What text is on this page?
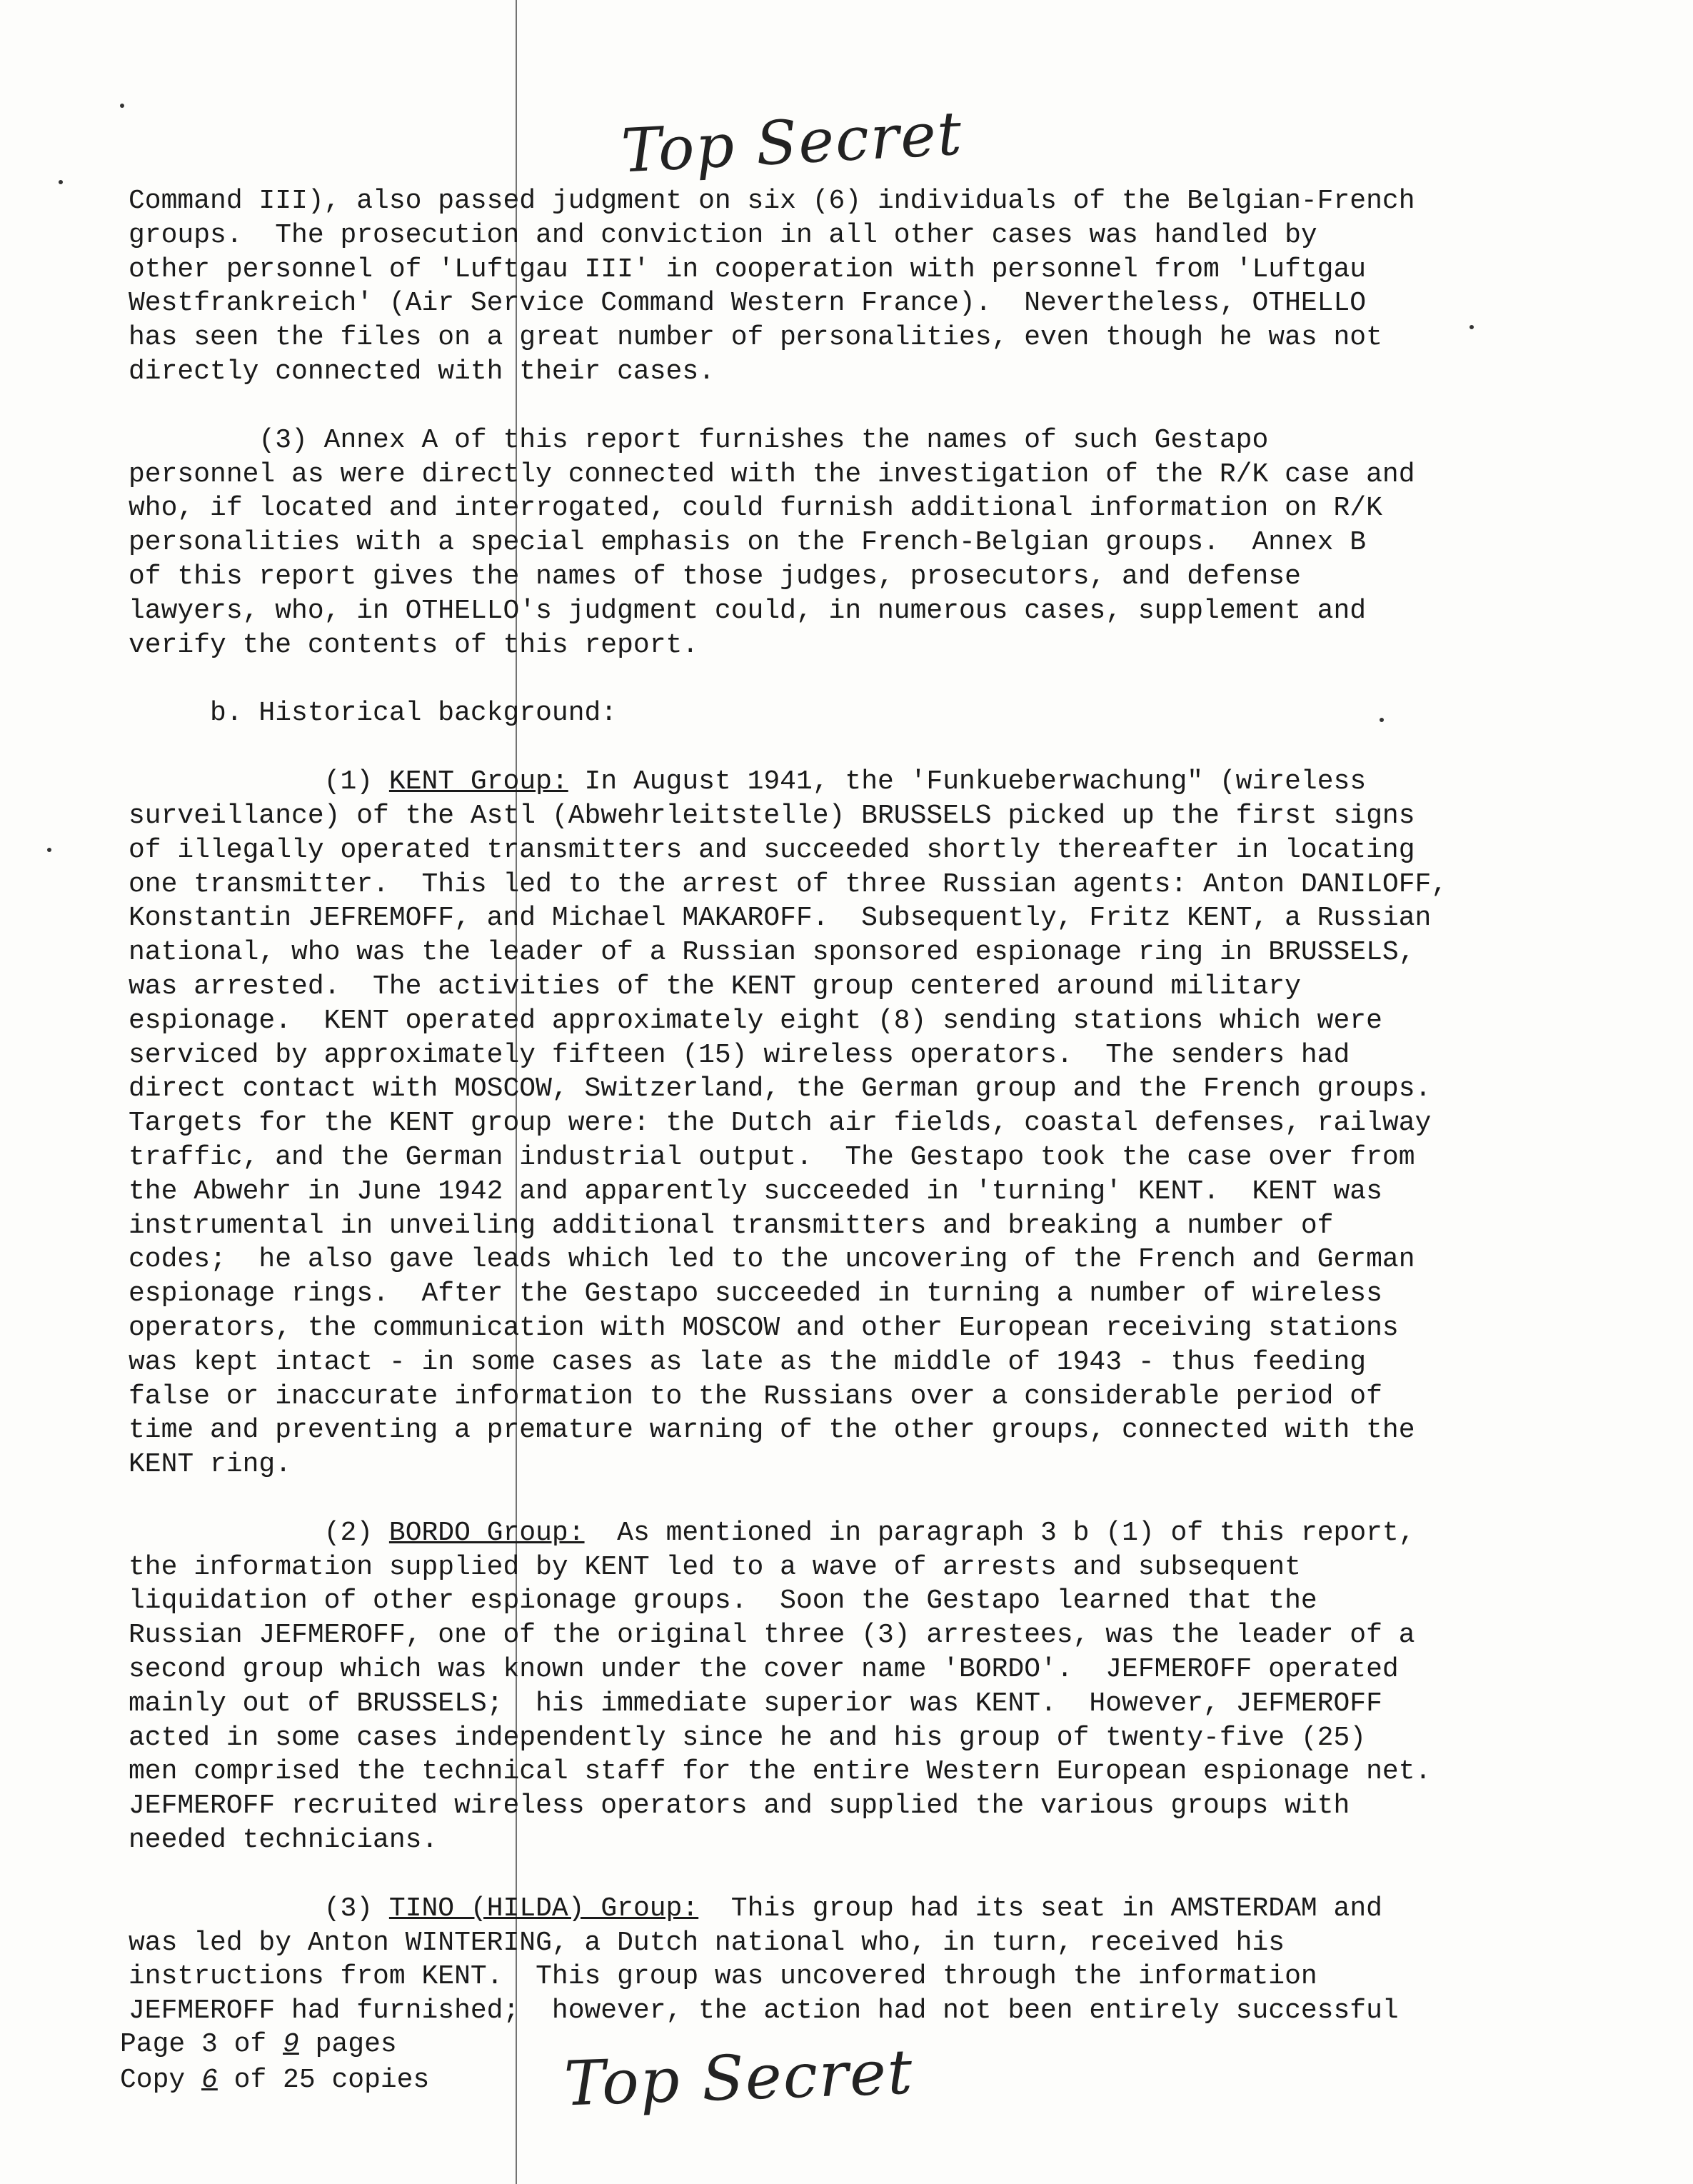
Top Secret
Command III), also passed judgment on six (6) individuals of the Belgian-French
groups.  The prosecution and conviction in all other cases was handled by
other personnel of 'Luftgau III' in cooperation with personnel from 'Luftgau
Westfrankreich' (Air Service Command Western France).  Nevertheless, OTHELLO
has seen the files on a great number of personalities, even though he was not
directly connected with their cases.
(3) Annex A of this report furnishes the names of such Gestapo
personnel as were directly connected with the investigation of the R/K case and
who, if located and interrogated, could furnish additional information on R/K
personalities with a special emphasis on the French-Belgian groups.  Annex B
of this report gives the names of those judges, prosecutors, and defense
lawyers, who, in OTHELLO's judgment could, in numerous cases, supplement and
verify the contents of this report.
b. Historical background:
(1) KENT Group: In August 1941, the 'Funkueberwachung" (wireless
surveillance) of the Astl (Abwehrleitstelle) BRUSSELS picked up the first signs
of illegally operated transmitters and succeeded shortly thereafter in locating
one transmitter.  This led to the arrest of three Russian agents: Anton DANILOFF,
Konstantin JEFREMOFF, and Michael MAKAROFF.  Subsequently, Fritz KENT, a Russian
national, who was the leader of a Russian sponsored espionage ring in BRUSSELS,
was arrested.  The activities of the KENT group centered around military
espionage.  KENT operated approximately eight (8) sending stations which were
serviced by approximately fifteen (15) wireless operators.  The senders had
direct contact with MOSCOW, Switzerland, the German group and the French groups.
Targets for the KENT group were: the Dutch air fields, coastal defenses, railway
traffic, and the German industrial output.  The Gestapo took the case over from
the Abwehr in June 1942 and apparently succeeded in 'turning' KENT.  KENT was
instrumental in unveiling additional transmitters and breaking a number of
codes;  he also gave leads which led to the uncovering of the French and German
espionage rings.  After the Gestapo succeeded in turning a number of wireless
operators, the communication with MOSCOW and other European receiving stations
was kept intact - in some cases as late as the middle of 1943 - thus feeding
false or inaccurate information to the Russians over a considerable period of
time and preventing a premature warning of the other groups, connected with the
KENT ring.
(2) BORDO Group:  As mentioned in paragraph 3 b (1) of this report,
the information supplied by KENT led to a wave of arrests and subsequent
liquidation of other espionage groups.  Soon the Gestapo learned that the
Russian JEFMEROFF, one of the original three (3) arrestees, was the leader of a
second group which was known under the cover name 'BORDO'.  JEFMEROFF operated
mainly out of BRUSSELS;  his immediate superior was KENT.  However, JEFMEROFF
acted in some cases independently since he and his group of twenty-five (25)
men comprised the technical staff for the entire Western European espionage net.
JEFMEROFF recruited wireless operators and supplied the various groups with
needed technicians.
(3) TINO (HILDA) Group:  This group had its seat in AMSTERDAM and
was led by Anton WINTERING, a Dutch national who, in turn, received his
instructions from KENT.  This group was uncovered through the information
JEFMEROFF had furnished;  however, the action had not been entirely successful
Page 3 of 9 pages
Copy 6 of 25 copies Top Secret
